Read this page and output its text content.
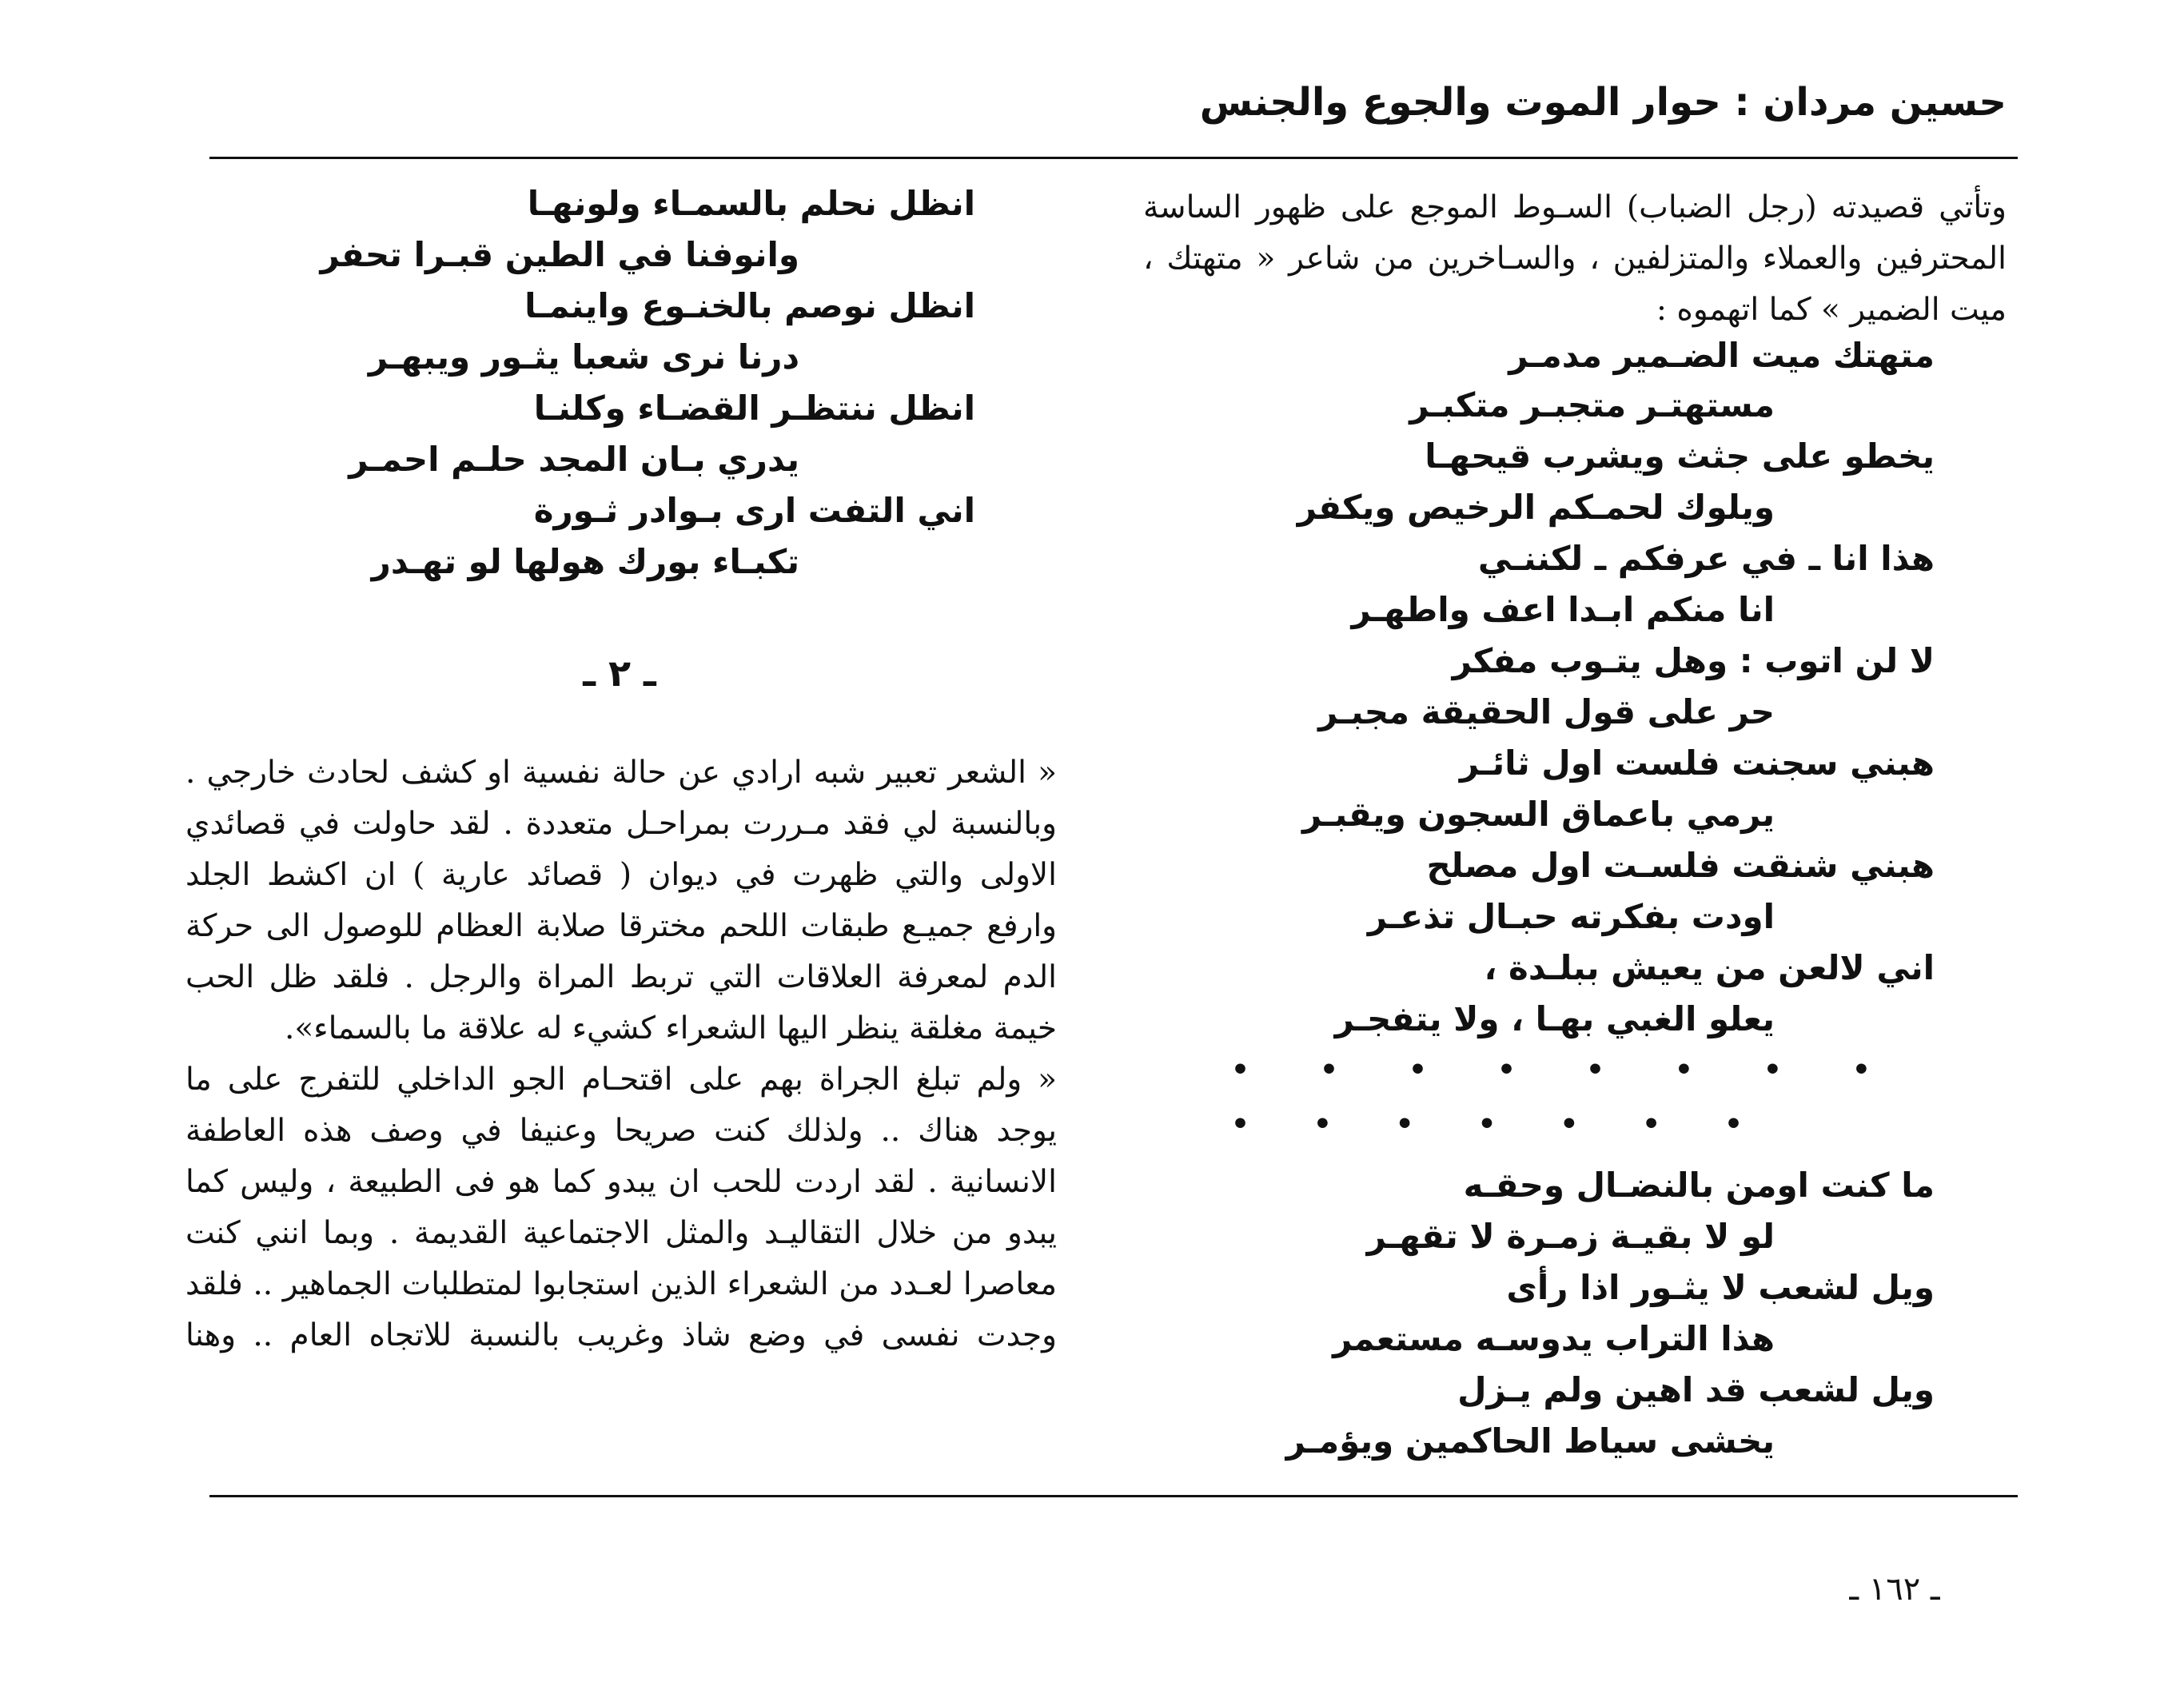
حسين مردان : حوار الموت والجوع والجنس
وتأتي قصيدته (رجل الضباب) السـوط الموجع على ظهور الساسة المحترفين والعملاء والمتزلفين ، والسـاخرين من شاعر « متهتك ، ميت الضمير » كما اتهموه :
متهتك ميت الضـمير مدمـر
مستهتـر متجبـر متكبـر
يخطو على جثث ويشرب قيحهـا
ويلوك لحمـكم الرخيص ويكفر
هذا انا ـ في عرفكم ـ لكننـي
انا منكم ابـدا اعف واطهـر
لا لن اتوب : وهل يتـوب مفكر
حر على قول الحقيقة مجبـر
هبني سجنت فلست اول ثائـر
يرمي باعماق السجون ويقبـر
هبني شنقت فلسـت اول مصلح
اودت بفكرته حبـال تذعـر
اني لالعن من يعيش ببلـدة ،
يعلو الغبي بهـا ، ولا يتفجـر
• • • • • • • •
• • • • • • •
ما كنت اومن بالنضـال وحقـه
لو لا بقيـة زمـرة لا تقهـر
ويل لشعب لا يثـور اذا رأى
هذا التراب يدوسـه مستعمر
ويل لشعب قد اهين ولم يـزل
يخشى سياط الحاكمين ويؤمـر
انظل نحلم بالسمـاء ولونهـا
وانوفنا في الطين قبـرا تحفر
انظل نوصم بالخنـوع واينمـا
درنا نرى شعبا يثـور ويبهـر
انظل ننتظـر القضـاء وكلنـا
يدري بـان المجد حلـم احمـر
اني التفت ارى بـوادر ثـورة
تكبـاء بورك هولها لو تهـدر
ـ ٢ ـ

« الشعر تعبير شبه ارادي عن حالة نفسية او كشف لحادث خارجي . وبالنسبة لي فقد مـررت بمراحـل متعددة . لقد حاولت في قصائدي الاولى والتي ظهرت في ديوان ( قصائد عارية ) ان اكشط الجلد وارفع جميـع طبقات اللحم مخترقا صلابة العظام للوصول الى حركة الدم لمعرفة العلاقات التي تربط المراة والرجل . فلقد ظل الحب خيمة مغلقة ينظر اليها الشعراء كشيء له علاقة ما بالسماء».

« ولم تبلغ الجراة بهم على اقتحـام الجو الداخلي للتفرج على ما يوجد هناك .. ولذلك كنت صريحا وعنيفا في وصف هذه العاطفة الانسانية . لقد اردت للحب ان يبدو كما هو فى الطبيعة ، وليس كما يبدو من خلال التقاليـد والمثل الاجتماعية القديمة . وبما انني كنت معاصرا لعـدد من الشعراء الذين استجابوا لمتطلبات الجماهير .. فلقد وجدت نفسى في وضع شاذ وغريب بالنسبة للاتجاه العام .. وهنا

ـ ١٦٢ ـ
